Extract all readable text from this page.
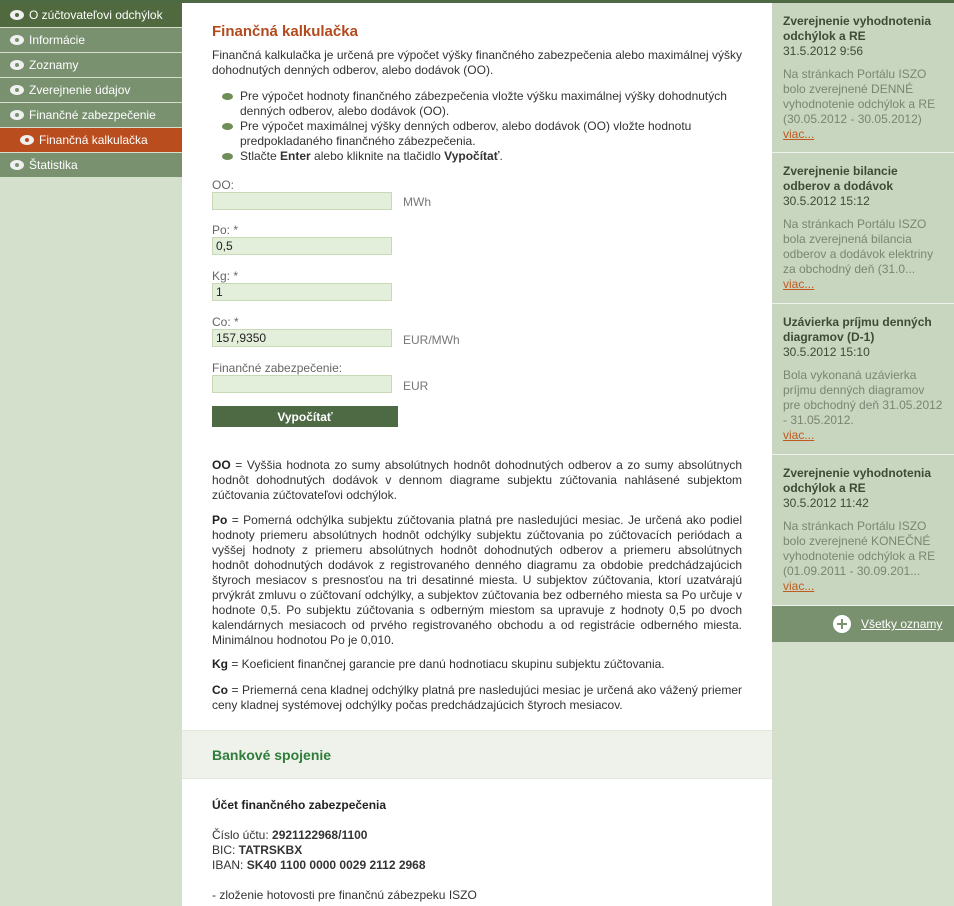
O zúčtovateľovi odchýlok
Informácie
Zoznamy
Zverejnenie údajov
Finančné zabezpečenie
Finančná kalkulačka
Štatistika
Finančná kalkulačka

Finančná kalkulačka je určená pre výpočet výšky finančného zabezpečenia alebo maximálnej výšky dohodnutých denných odberov, alebo dodávok (OO).

Pre výpočet hodnoty finančného zábezpečenia vložte výšku maximálnej výšky dohodnutých denných odberov, alebo dodávok (OO).
Pre výpočet maximálnej výšky denných odberov, alebo dodávok (OO) vložte hodnotu predpokladaného finančného zábezpečenia.
Stlačte Enter alebo kliknite na tlačidlo Vypočítať.
OO:
MWh
Po: *
0,5
Kg: *
1
Co: *
157,9350
EUR/MWh
Finančné zabezpečenie:
EUR
Vypočítať

OO = Vyššia hodnota zo sumy absolútnych hodnôt dohodnutých odberov a zo sumy absolútnych hodnôt dohodnutých dodávok v dennom diagrame subjektu zúčtovania nahlásené subjektom zúčtovania zúčtovateľovi odchýlok.

Po = Pomerná odchýlka subjektu zúčtovania platná pre nasledujúci mesiac. Je určená ako podiel hodnoty priemeru absolútnych hodnôt odchýlky subjektu zúčtovania po zúčtovacích periódach a vyššej hodnoty z priemeru absolútnych hodnôt dohodnutých odberov a priemeru absolútnych hodnôt dohodnutých dodávok z registrovaného denného diagramu za obdobie predchádzajúcich štyroch mesiacov s presnosťou na tri desatinné miesta. U subjektov zúčtovania, ktorí uzatvárajú prvýkrát zmluvu o zúčtovaní odchýlky, a subjektov zúčtovania bez odberného miesta sa Po určuje v hodnote 0,5. Po subjektu zúčtovania s odberným miestom sa upravuje z hodnoty 0,5 po dvoch kalendárnych mesiacoch od prvého registrovaného obchodu a od registrácie odberného miesta. Minimálnou hodnotou Po je 0,010.

Kg = Koeficient finančnej garancie pre danú hodnotiacu skupinu subjektu zúčtovania.

Co = Priemerná cena kladnej odchýlky platná pre nasledujúci mesiac je určená ako vážený priemer ceny kladnej systémovej odchýlky počas predchádzajúcich štyroch mesiacov.

Bankové spojenie
Účet finančného zabezpečenia
Číslo účtu: 2921122968/1100
BIC: TATRSKBX
IBAN: SK40 1100 0000 0029 2112 2968
- zloženie hotovosti pre finančnú zábezpeku ISZO
Zverejnenie vyhodnotenia odchýlok a RE
31.5.2012 9:56
Na stránkach Portálu ISZO bolo zverejnené DENNÉ vyhodnotenie odchýlok a RE (30.05.2012 - 30.05.2012)
viac...
Zverejnenie bilancie odberov a dodávok
30.5.2012 15:12
Na stránkach Portálu ISZO bola zverejnená bilancia odberov a dodávok elektriny za obchodný deň (31.0...
viac...
Uzávierka príjmu denných diagramov (D-1)
30.5.2012 15:10
Bola vykonaná uzávierka príjmu denných diagramov pre obchodný deň 31.05.2012 - 31.05.2012.
viac...
Zverejnenie vyhodnotenia odchýlok a RE
30.5.2012 11:42
Na stránkach Portálu ISZO bolo zverejnené KONEČNÉ vyhodnotenie odchýlok a RE (01.09.2011 - 30.09.201...
viac...
Všetky oznamy
